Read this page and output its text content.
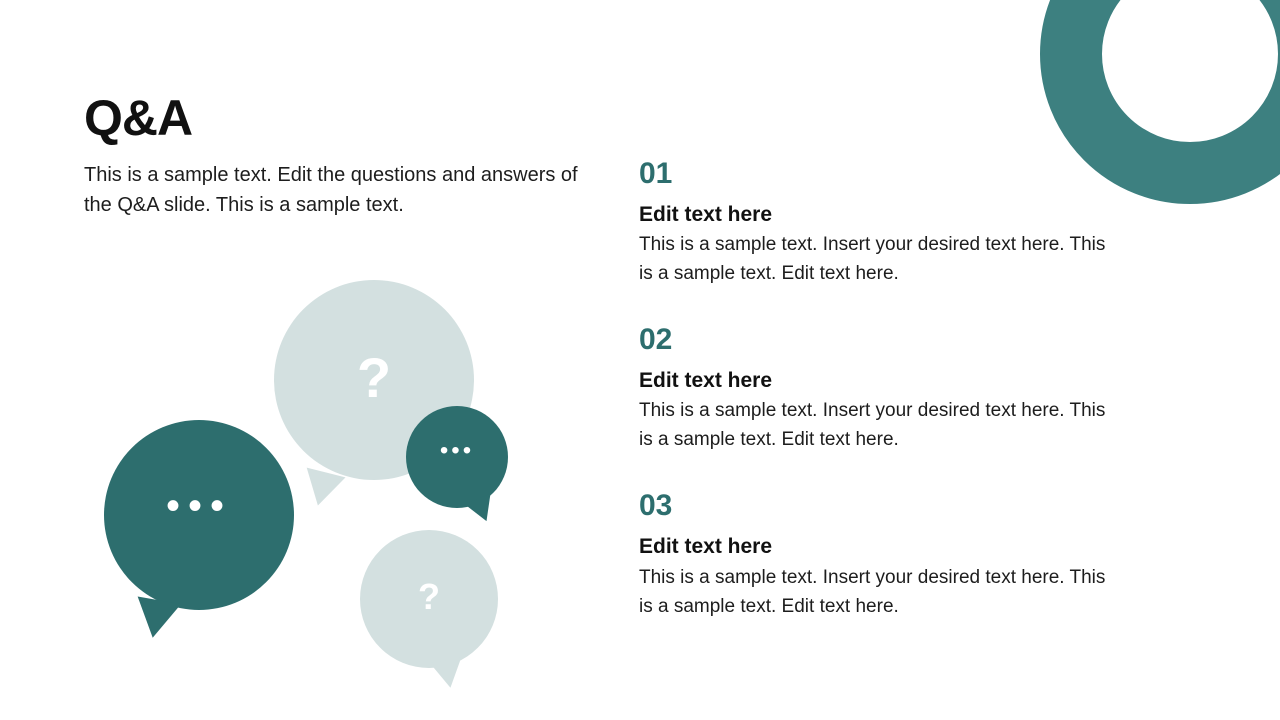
Q&A

This is a sample text. Edit the questions and answers of the Q&A slide. This is a sample text.

?
•••
•••
?
01
Edit text here
This is a sample text. Insert your desired text here. This is a sample text. Edit text here.
02
Edit text here
This is a sample text. Insert your desired text here. This is a sample text. Edit text here.
03
Edit text here
This is a sample text. Insert your desired text here. This is a sample text. Edit text here.
